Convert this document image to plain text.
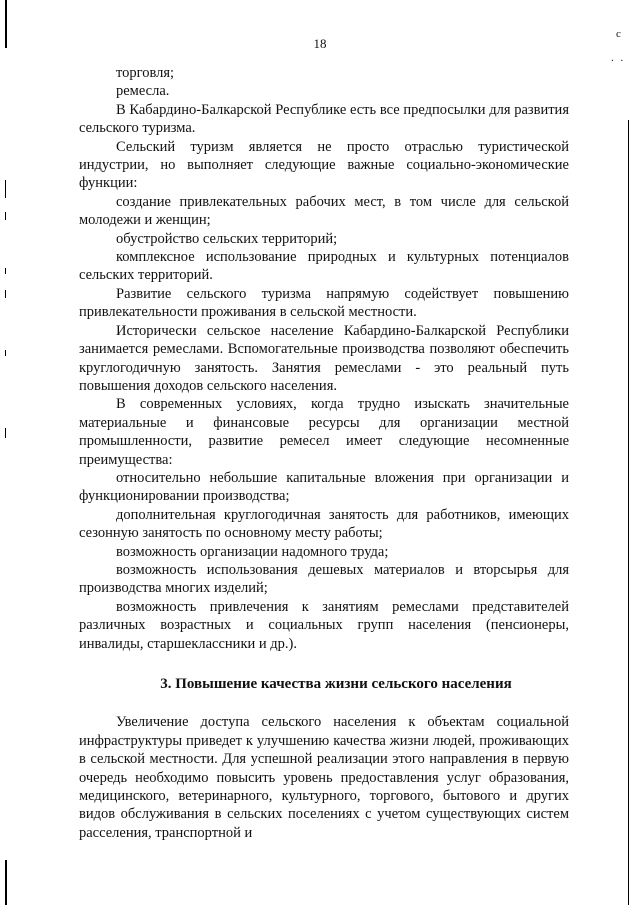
18
с
. .

торговля;

ремесла.

В Кабардино-Балкарской Республике есть все предпосылки для развития сельского туризма.

Сельский туризм является не просто отраслью туристической индустрии, но выполняет следующие важные социально-экономические функции:

создание привлекательных рабочих мест, в том числе для сельской молодежи и женщин;

обустройство сельских территорий;

комплексное использование природных и культурных потенциалов сельских территорий.

Развитие сельского туризма напрямую содействует повышению привлекательности проживания в сельской местности.

Исторически сельское население Кабардино-Балкарской Республики занимается ремеслами. Вспомогательные производства позволяют обеспечить круглогодичную занятость. Занятия ремеслами - это реальный путь повышения доходов сельского населения.

В современных условиях, когда трудно изыскать значительные материальные и финансовые ресурсы для организации местной промышленности, развитие ремесел имеет следующие несомненные преимущества:

относительно небольшие капитальные вложения при организации и функционировании производства;

дополнительная круглогодичная занятость для работников, имеющих сезонную занятость по основному месту работы;

возможность организации надомного труда;

возможность использования дешевых материалов и вторсырья для производства многих изделий;

возможность привлечения к занятиям ремеслами представителей различных возрастных и социальных групп населения (пенсионеры, инвалиды, старшеклассники и др.).

3. Повышение качества жизни сельского населения

Увеличение доступа сельского населения к объектам социальной инфраструктуры приведет к улучшению качества жизни людей, проживающих в сельской местности. Для успешной реализации этого направления в первую очередь необходимо повысить уровень предоставления услуг образования, медицинского, ветеринарного, культурного, торгового, бытового и других видов обслуживания в сельских поселениях с учетом существующих систем расселения, транспортной и
